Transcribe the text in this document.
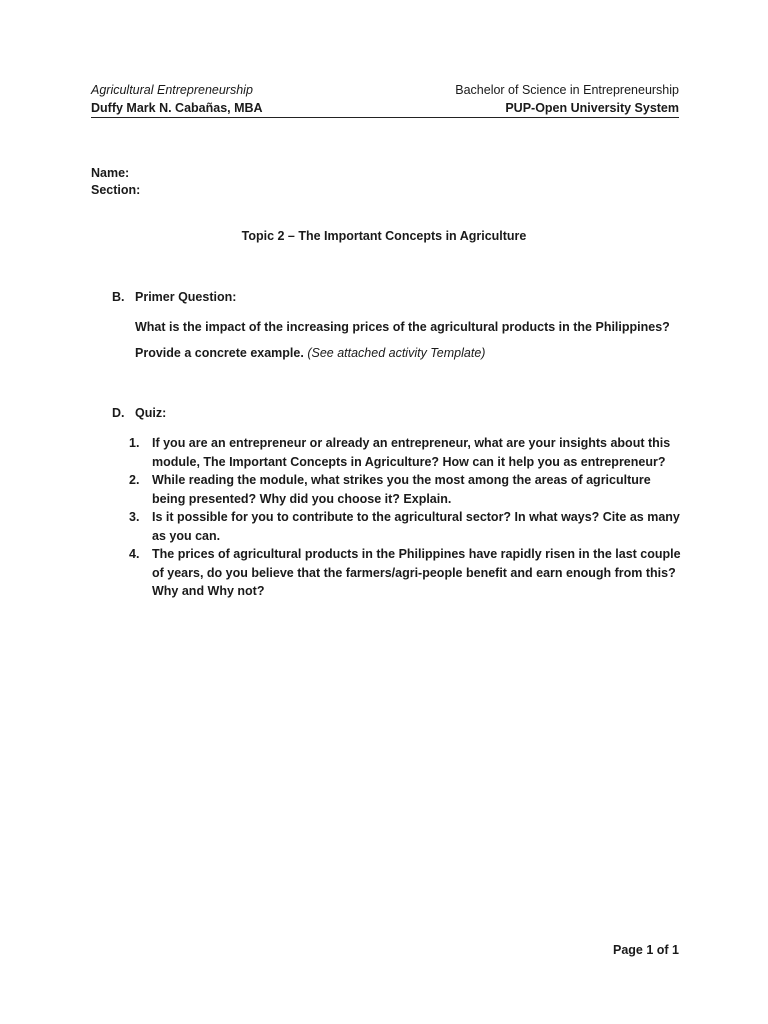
Agricultural Entrepreneurship
Duffy Mark N. Cabañas, MBA
Bachelor of Science in Entrepreneurship
PUP-Open University System
Name:
Section:
Topic 2 – The Important Concepts in Agriculture
B. Primer Question:
What is the impact of the increasing prices of the agricultural products in the Philippines?
Provide a concrete example. (See attached activity Template)
D. Quiz:
1. If you are an entrepreneur or already an entrepreneur, what are your insights about this module, The Important Concepts in Agriculture? How can it help you as entrepreneur?
2. While reading the module, what strikes you the most among the areas of agriculture being presented? Why did you choose it? Explain.
3. Is it possible for you to contribute to the agricultural sector? In what ways? Cite as many as you can.
4. The prices of agricultural products in the Philippines have rapidly risen in the last couple of years, do you believe that the farmers/agri-people benefit and earn enough from this? Why and Why not?
Page 1 of 1
